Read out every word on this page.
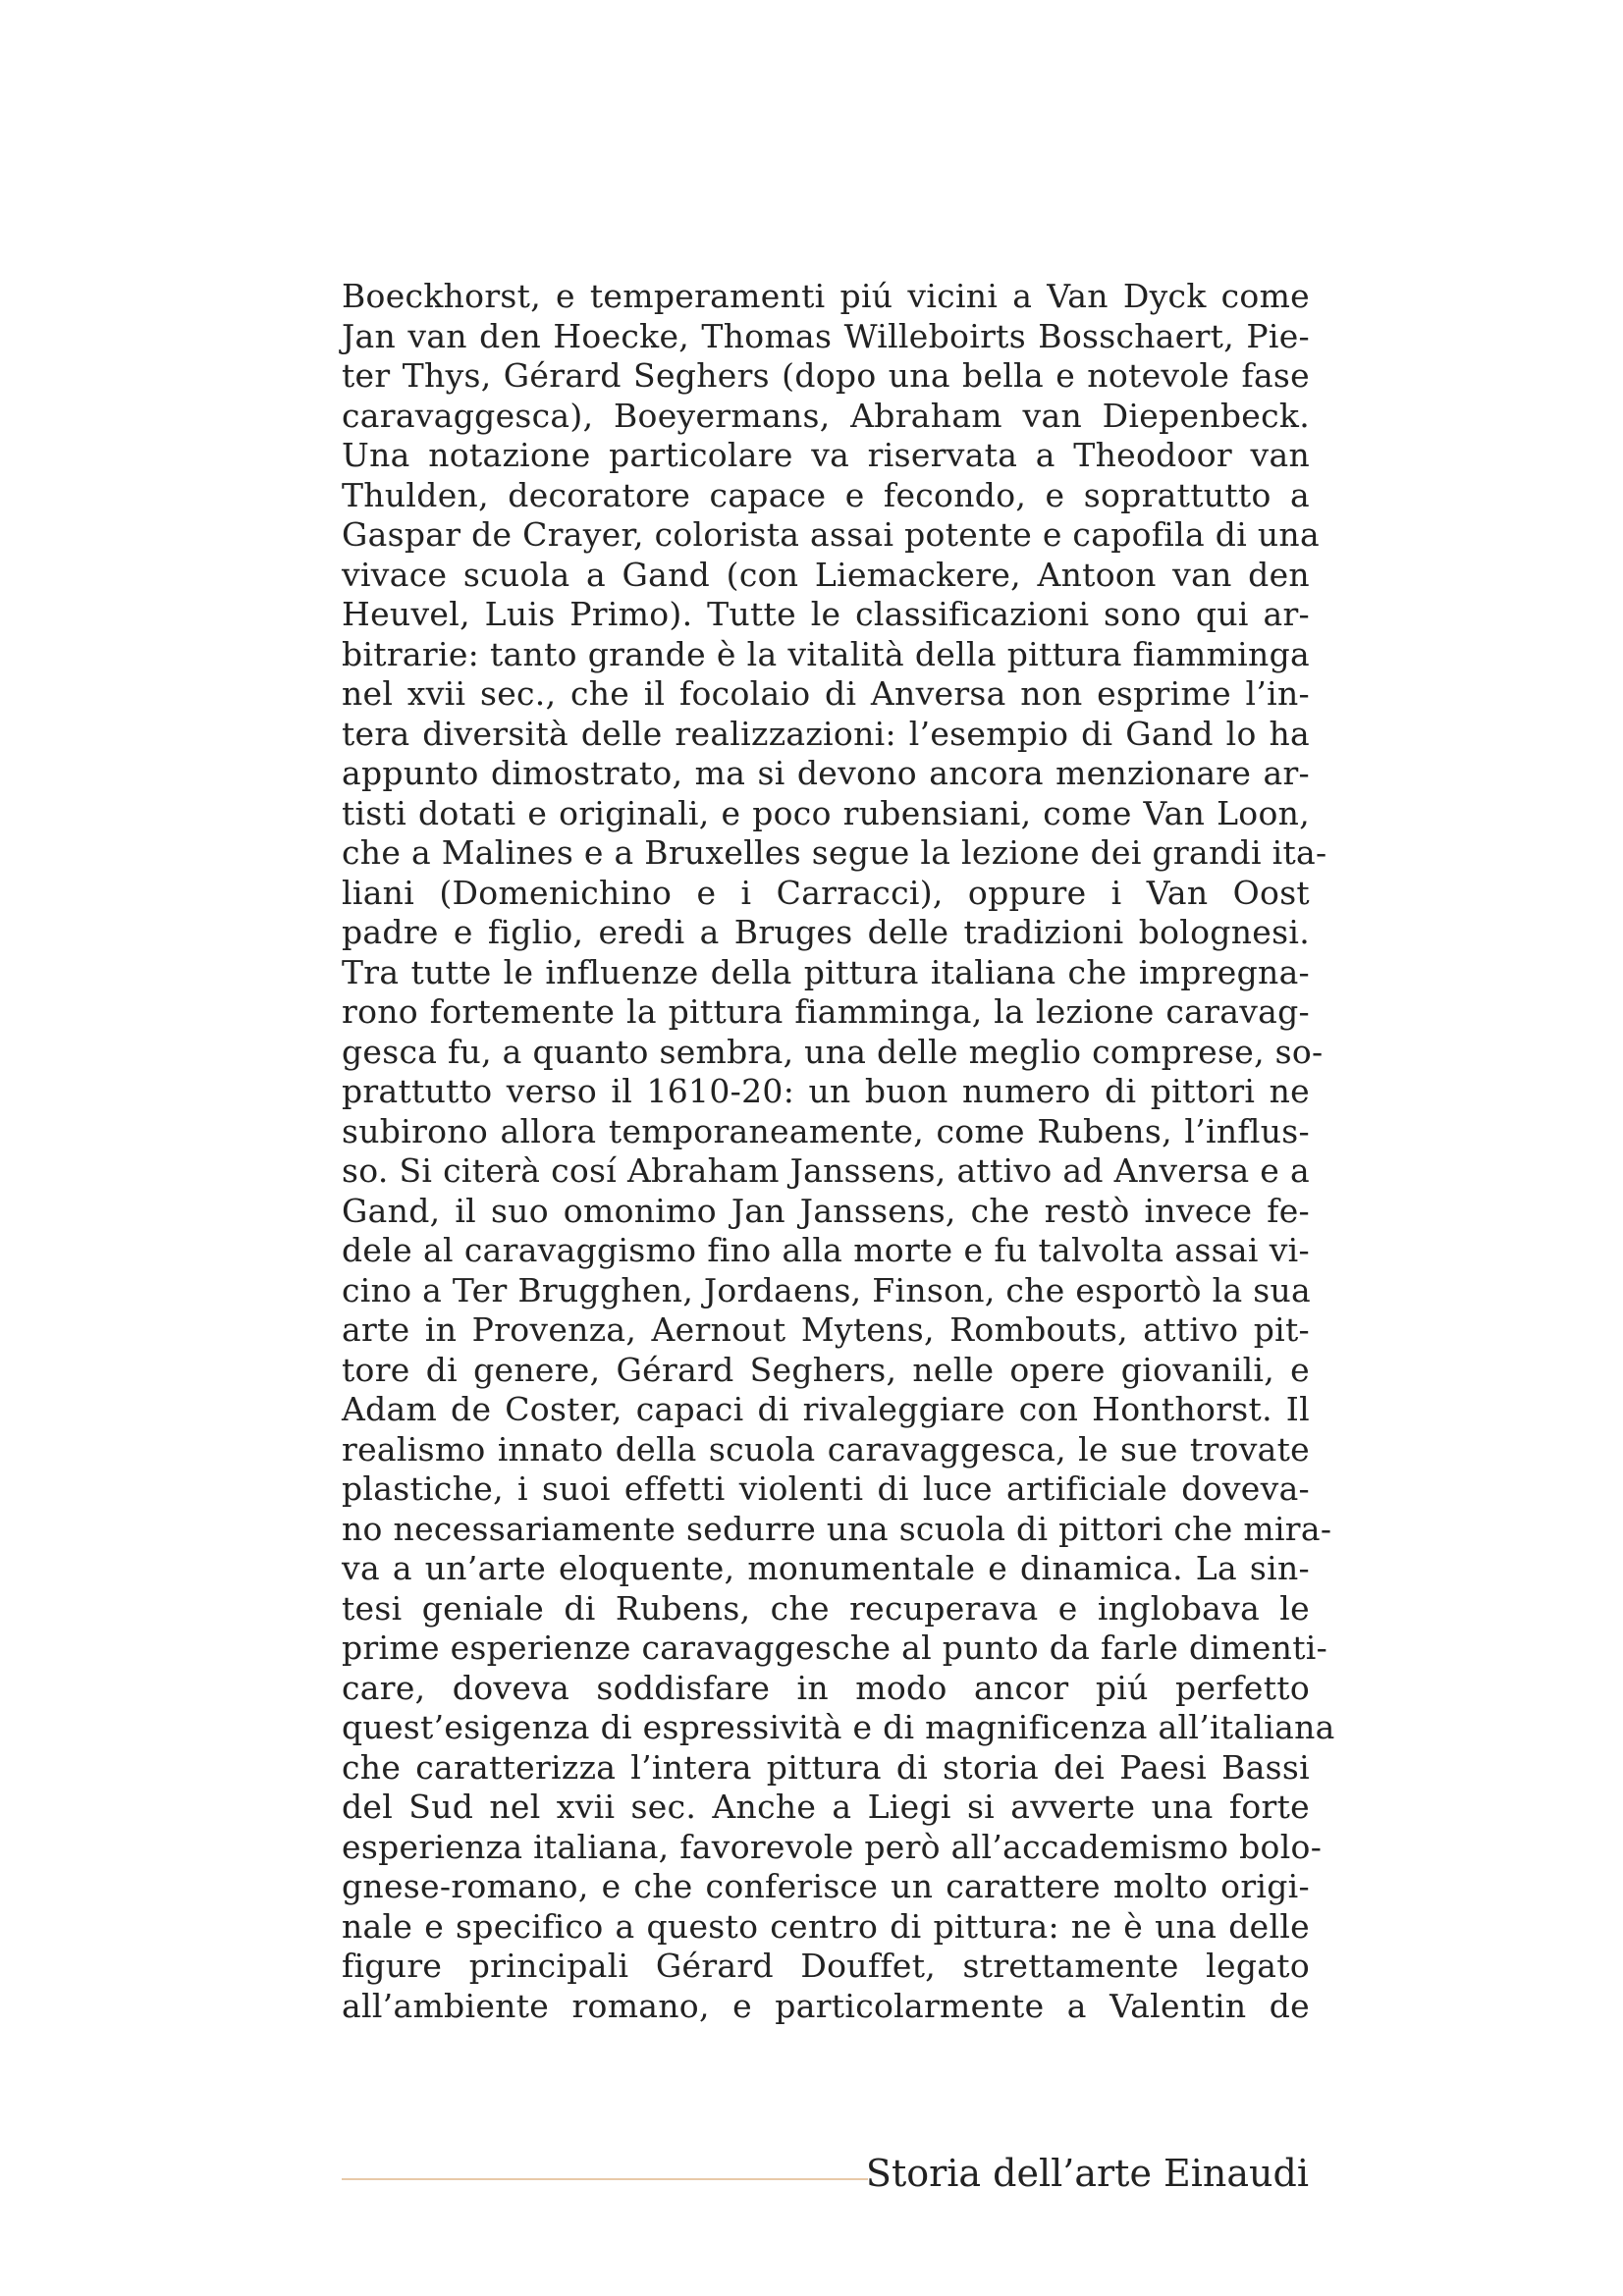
Boeckhorst, e temperamenti piú vicini a Van Dyck come
Jan van den Hoecke, Thomas Willeboirts Bosschaert, Pie-
ter Thys, Gérard Seghers (dopo una bella e notevole fase
caravaggesca), Boeyermans, Abraham van Diepenbeck.
Una notazione particolare va riservata a Theodoor van
Thulden, decoratore capace e fecondo, e soprattutto a
Gaspar de Crayer, colorista assai potente e capofila di una
vivace scuola a Gand (con Liemackere, Antoon van den
Heuvel, Luis Primo). Tutte le classificazioni sono qui ar-
bitrarie: tanto grande è la vitalità della pittura fiamminga
nel xvii sec., che il focolaio di Anversa non esprime l’in-
tera diversità delle realizzazioni: l’esempio di Gand lo ha
appunto dimostrato, ma si devono ancora menzionare ar-
tisti dotati e originali, e poco rubensiani, come Van Loon,
che a Malines e a Bruxelles segue la lezione dei grandi ita-
liani (Domenichino e i Carracci), oppure i Van Oost
padre e figlio, eredi a Bruges delle tradizioni bolognesi.
Tra tutte le influenze della pittura italiana che impregna-
rono fortemente la pittura fiamminga, la lezione caravag-
gesca fu, a quanto sembra, una delle meglio comprese, so-
prattutto verso il 1610-20: un buon numero di pittori ne
subirono allora temporaneamente, come Rubens, l’influs-
so. Si citerà cosí Abraham Janssens, attivo ad Anversa e a
Gand, il suo omonimo Jan Janssens, che restò invece fe-
dele al caravaggismo fino alla morte e fu talvolta assai vi-
cino a Ter Brugghen, Jordaens, Finson, che esportò la sua
arte in Provenza, Aernout Mytens, Rombouts, attivo pit-
tore di genere, Gérard Seghers, nelle opere giovanili, e
Adam de Coster, capaci di rivaleggiare con Honthorst. Il
realismo innato della scuola caravaggesca, le sue trovate
plastiche, i suoi effetti violenti di luce artificiale doveva-
no necessariamente sedurre una scuola di pittori che mira-
va a un’arte eloquente, monumentale e dinamica. La sin-
tesi geniale di Rubens, che recuperava e inglobava le
prime esperienze caravaggesche al punto da farle dimenti-
care, doveva soddisfare in modo ancor piú perfetto
quest’esigenza di espressività e di magnificenza all’italiana
che caratterizza l’intera pittura di storia dei Paesi Bassi
del Sud nel xvii sec. Anche a Liegi si avverte una forte
esperienza italiana, favorevole però all’accademismo bolo-
gnese-romano, e che conferisce un carattere molto origi-
nale e specifico a questo centro di pittura: ne è una delle
figure principali Gérard Douffet, strettamente legato
all’ambiente romano, e particolarmente a Valentin de
Storia dell’arte Einaudi
